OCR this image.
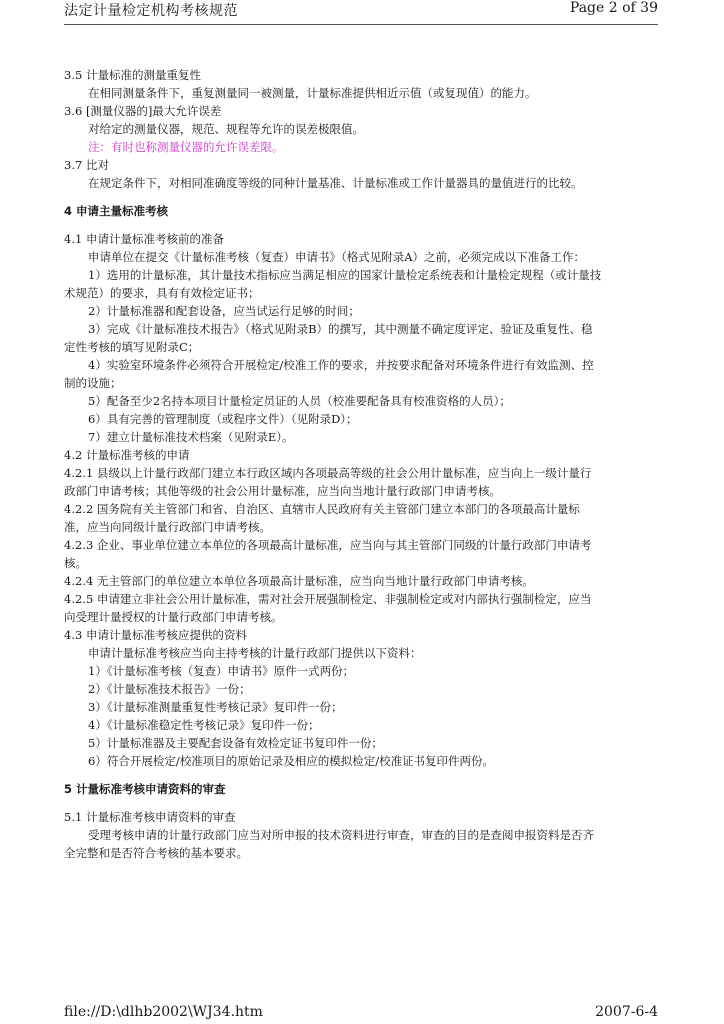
法定计量检定机构考核规范	Page 2 of 39
3.5 计量标准的测量重复性
在相同测量条件下，重复测量同一被测量，计量标准提供相近示值（或复现值）的能力。
3.6 [测量仪器的]最大允许误差
对给定的测量仪器，规范、规程等允许的误差极限值。
注：有时也称测量仪器的允许误差限。
3.7 比对
在规定条件下，对相同准确度等级的同种计量基准、计量标准或工作计量器具的量值进行的比较。
4 申请主量标准考核
4.1 申请计量标准考核前的准备
申请单位在提交《计量标准考核（复查）申请书》（格式见附录A）之前，必须完成以下准备工作：
1）选用的计量标准，其计量技术指标应当满足相应的国家计量检定系统表和计量检定规程（或计量技
术规范）的要求，具有有效检定证书；
2）计量标准器和配套设备，应当试运行足够的时间；
3）完成《计量标准技术报告》（格式见附录B）的撰写，其中测量不确定度评定、验证及重复性、稳
定性考核的填写见附录C；
4）实验室环境条件必须符合开展检定/校准工作的要求，并按要求配备对环境条件进行有效监测、控
制的设施；
5）配备至少2名持本项目计量检定员证的人员（校准要配备具有校准资格的人员）；
6）具有完善的管理制度（或程序文件）（见附录D）；
7）建立计量标准技术档案（见附录E）。
4.2 计量标准考核的申请
4.2.1 县级以上计量行政部门建立本行政区域内各项最高等级的社会公用计量标准，应当向上一级计量行
政部门申请考核；其他等级的社会公用计量标准，应当向当地计量行政部门申请考核。
4.2.2 国务院有关主管部门和省、自治区、直辖市人民政府有关主管部门建立本部门的各项最高计量标
准，应当向同级计量行政部门申请考核。
4.2.3 企业、事业单位建立本单位的各项最高计量标准，应当向与其主管部门同级的计量行政部门申请考
核。
4.2.4 无主管部门的单位建立本单位各项最高计量标准，应当向当地计量行政部门申请考核。
4.2.5 申请建立非社会公用计量标准，需对社会开展强制检定、非强制检定或对内部执行强制检定，应当
向受理计量授权的计量行政部门申请考核。
4.3 申请计量标准考核应提供的资料
申请计量标准考核应当向主持考核的计量行政部门提供以下资料：
1）《计量标准考核（复查）申请书》原件一式两份；
2）《计量标准技术报告》一份；
3）《计量标准测量重复性考核记录》复印件一份；
4）《计量标准稳定性考核记录》复印件一份；
5）计量标准器及主要配套设备有效检定证书复印件一份；
6）符合开展检定/校准项目的原始记录及相应的模拟检定/校准证书复印件两份。
5 计量标准考核申请资料的审查
5.1 计量标准考核申请资料的审查
受理考核申请的计量行政部门应当对所申报的技术资料进行审查，审查的目的是查阅申报资料是否齐
全完整和是否符合考核的基本要求。
file://D:\dlhb2002\WJ34.htm	2007-6-4
